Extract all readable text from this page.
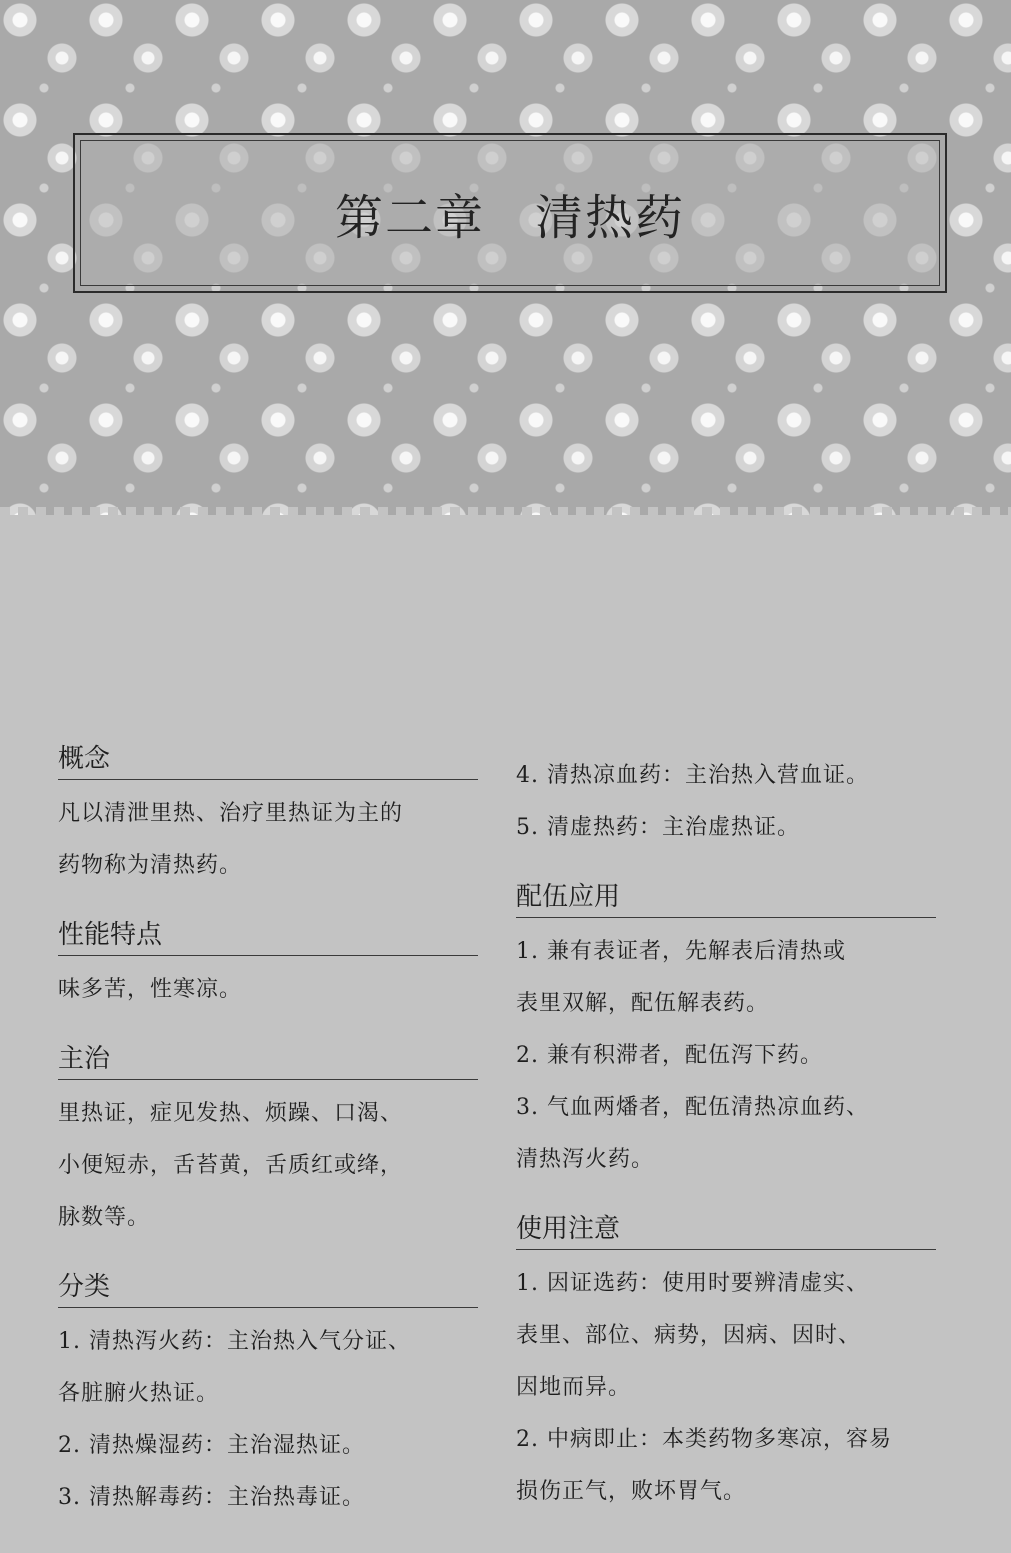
第二章　清热药
概念
凡以清泄里热、治疗里热证为主的
药物称为清热药。
性能特点
味多苦，性寒凉。
主治
里热证，症见发热、烦躁、口渴、
小便短赤，舌苔黄，舌质红或绛，
脉数等。
分类
1. 清热泻火药：主治热入气分证、
各脏腑火热证。
2. 清热燥湿药：主治湿热证。
3. 清热解毒药：主治热毒证。
4. 清热凉血药：主治热入营血证。
5. 清虚热药：主治虚热证。
配伍应用
1. 兼有表证者，先解表后清热或
表里双解，配伍解表药。
2. 兼有积滞者，配伍泻下药。
3. 气血两燔者，配伍清热凉血药、
清热泻火药。
使用注意
1. 因证选药：使用时要辨清虚实、
表里、部位、病势，因病、因时、
因地而异。
2. 中病即止：本类药物多寒凉，容易
损伤正气，败坏胃气。
